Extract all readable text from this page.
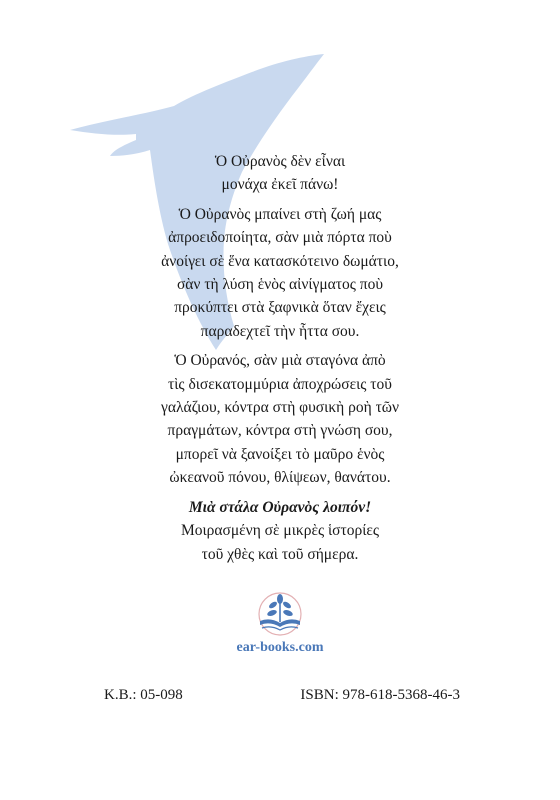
Ὁ Οὐρανὸς δὲν εἶναι
μονάχα ἐκεῖ πάνω!

Ὁ Οὐρανὸς μπαίνει στὴ ζωή μας
ἀπροειδοποίητα, σὰν μιὰ πόρτα ποὺ
ἀνοίγει σὲ ἕνα κατασκότεινο δωμάτιο,
σὰν τὴ λύση ἑνὸς αἰνίγματος ποὺ
προκύπτει στὰ ξαφνικὰ ὅταν ἔχεις
παραδεχτεῖ τὴν ἧττα σου.

Ὁ Οὐρανός, σὰν μιὰ σταγόνα ἀπὸ
τὶς δισεκατομμύρια ἀποχρώσεις τοῦ
γαλάζιου, κόντρα στὴ φυσικὴ ροὴ τῶν
πραγμάτων, κόντρα στὴ γνώση σου,
μπορεῖ νὰ ξανοίξει τὸ μαῦρο ἑνὸς
ὠκεανοῦ πόνου, θλίψεων, θανάτου.

Μιὰ στάλα Οὐρανὸς λοιπόν!
Μοιρασμένη σὲ μικρὲς ἱστορίες
τοῦ χθὲς καὶ τοῦ σήμερα.

ear-books.com
Κ.Β.: 05-098	ISBN: 978-618-5368-46-3
